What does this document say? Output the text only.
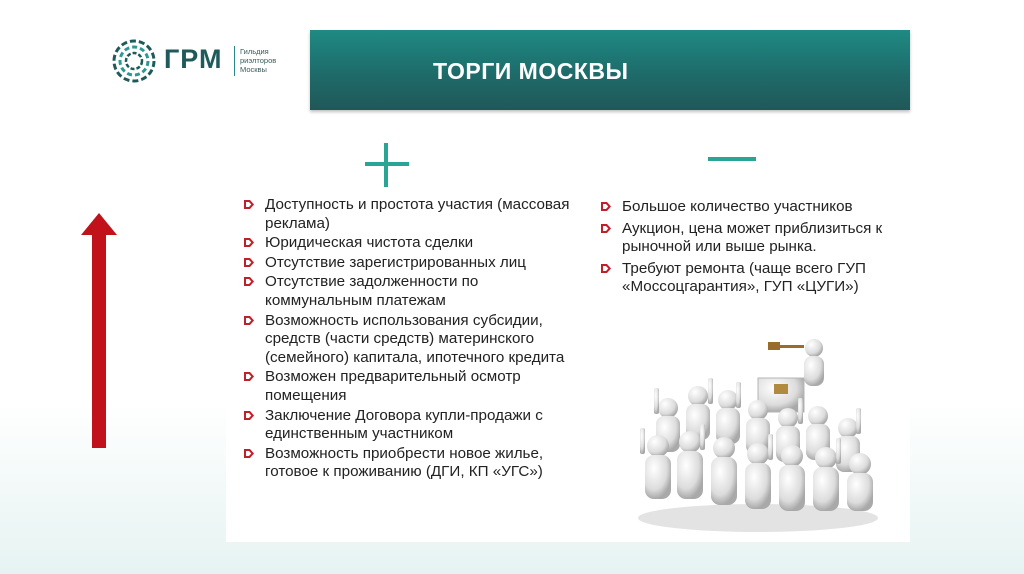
ГРМ Гильдия
риэлторов
Москвы	ТОРГИ МОСКВЫ
Доступность и простота участия (массовая реклама)
Юридическая чистота сделки
Отсутствие зарегистрированных лиц
Отсутствие задолженности по коммунальным платежам
Возможность использования субсидии, средств (части средств) материнского (семейного) капитала, ипотечного кредита
Возможен предварительный осмотр помещения
Заключение Договора купли-продажи с единственным участником
Возможность приобрести новое жилье, готовое к проживанию (ДГИ, КП «УГС»)
Большое количество участников
Аукцион, цена может приблизиться к рыночной или выше рынка.
Требуют ремонта (чаще всего ГУП «Моссоцгарантия», ГУП «ЦУГИ»)
